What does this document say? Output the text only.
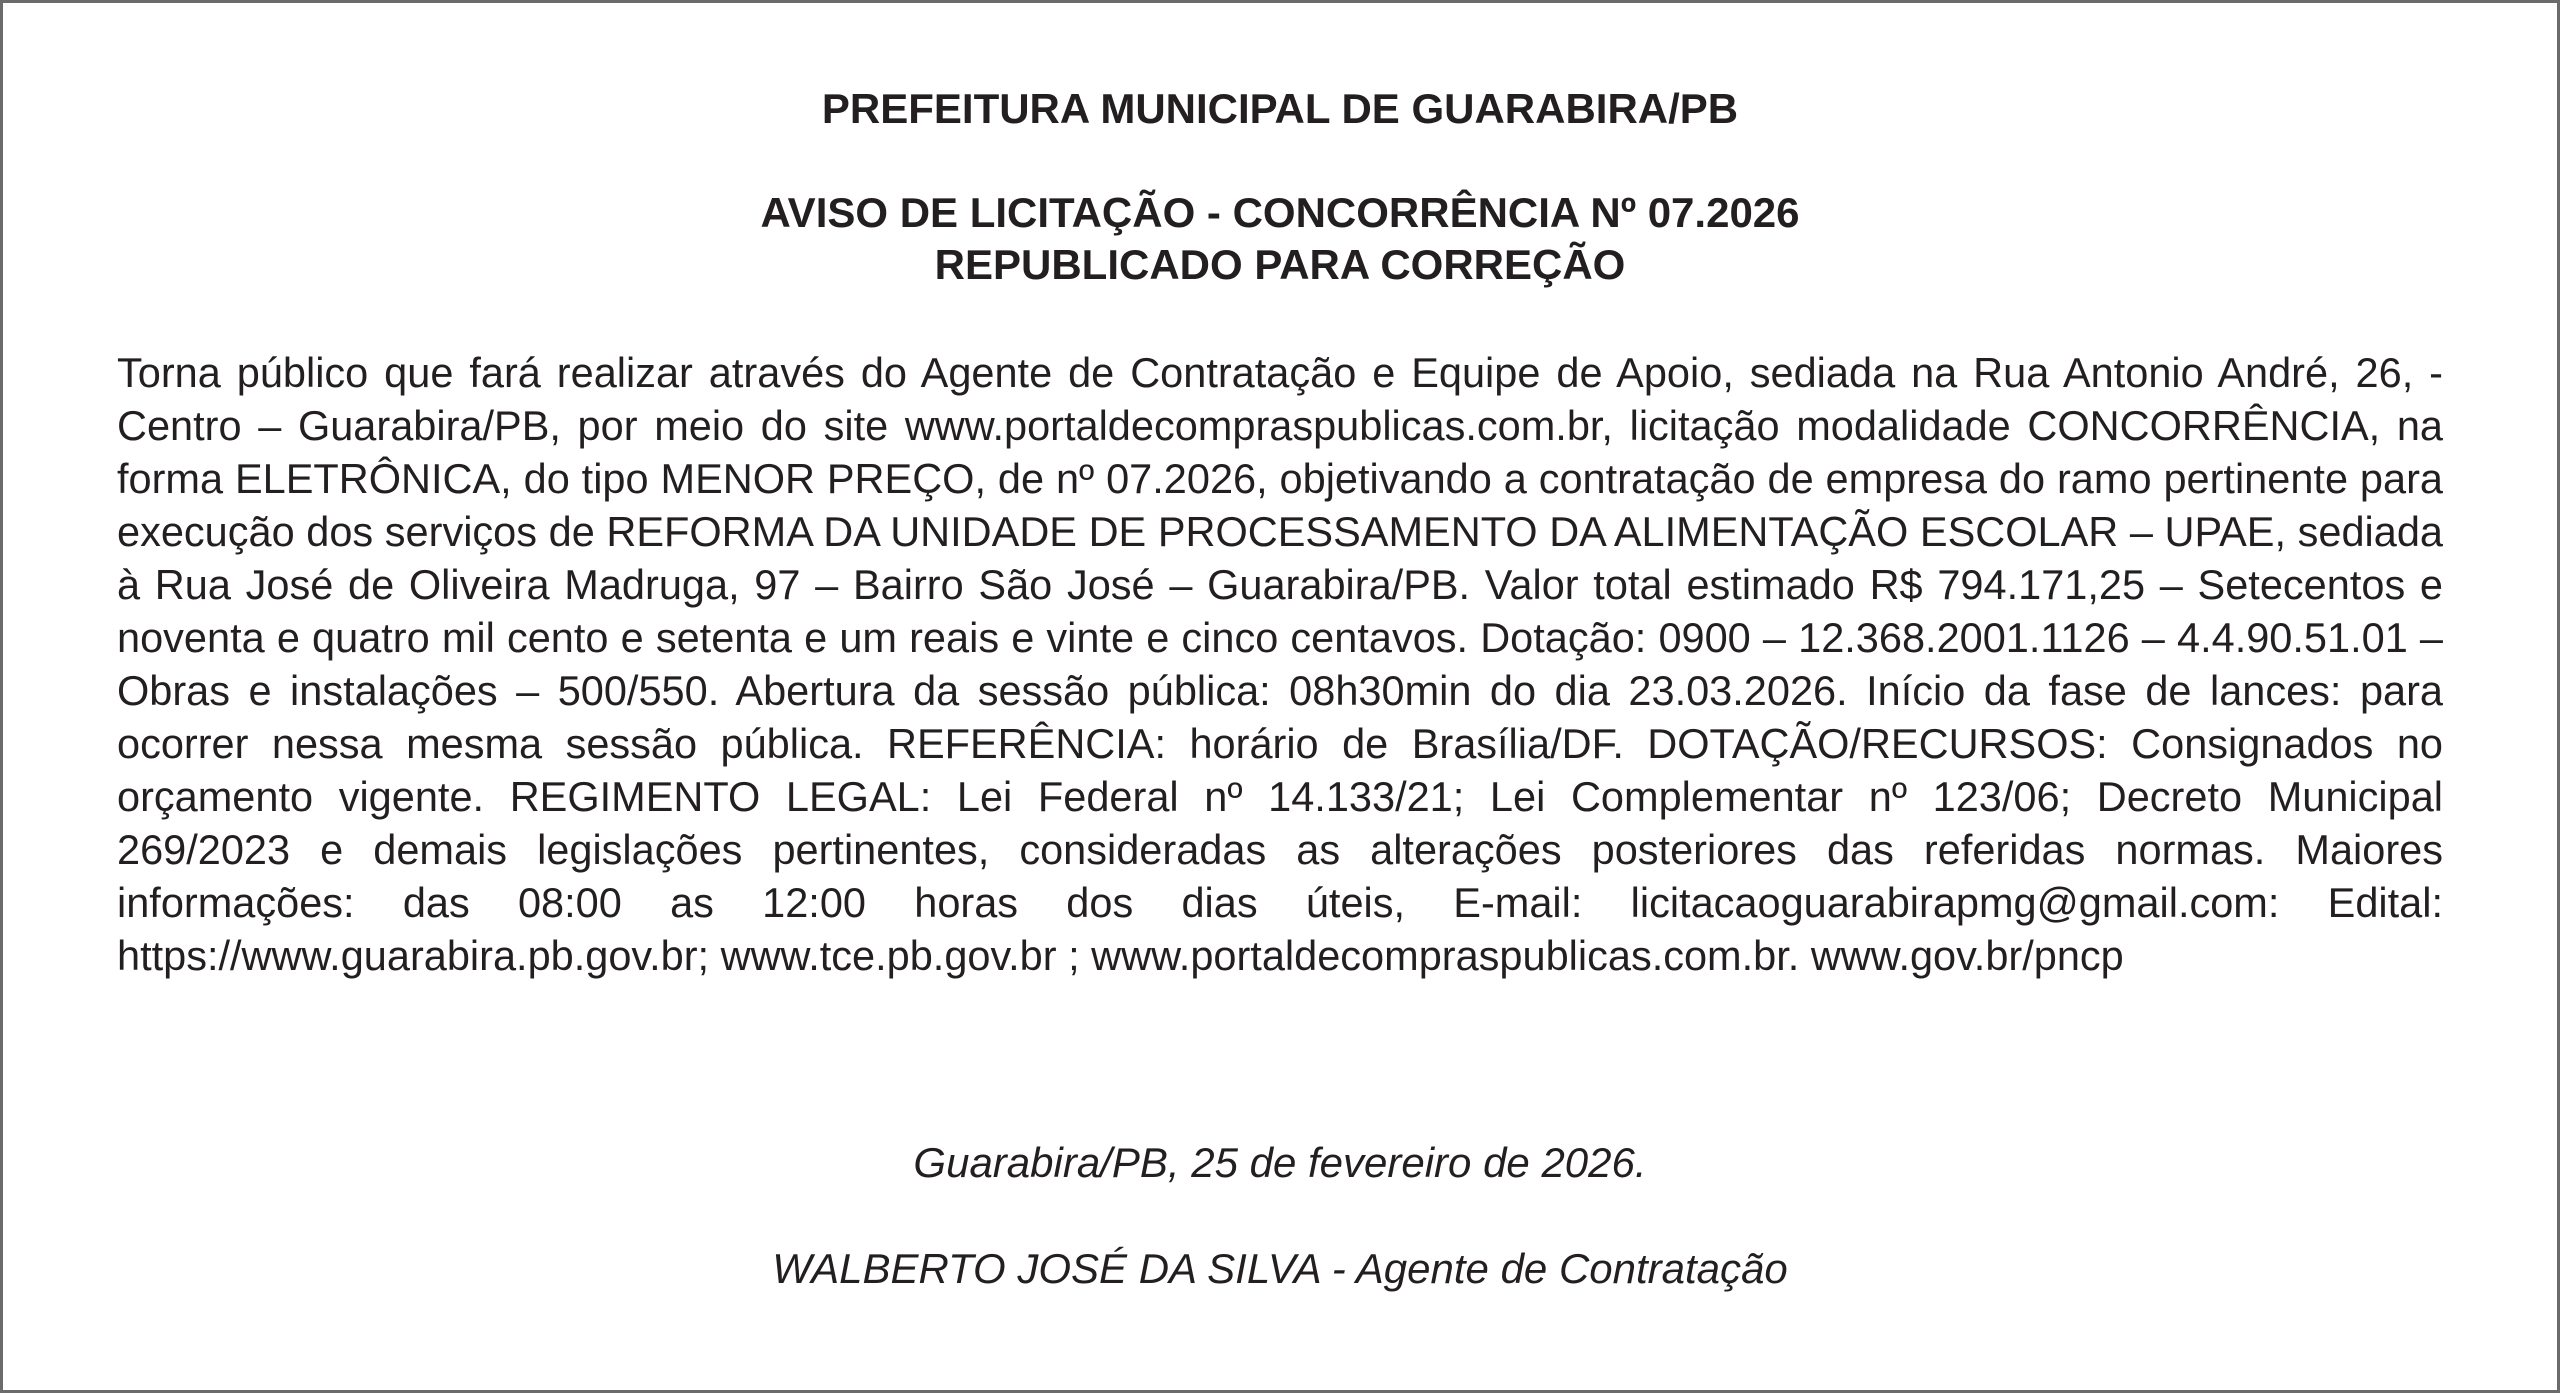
PREFEITURA MUNICIPAL DE GUARABIRA/PB
AVISO DE LICITAÇÃO - CONCORRÊNCIA Nº 07.2026
REPUBLICADO PARA CORREÇÃO
Torna público que fará realizar através do Agente de Contratação e Equipe de Apoio, sediada na Rua Antonio André, 26, - Centro – Guarabira/PB, por meio do site www.portaldecompraspublicas.com.br, licitação modalidade CONCORRÊNCIA, na forma ELETRÔNICA, do tipo MENOR PREÇO, de nº 07.2026, objetivando a contratação de empresa do ramo pertinente para execução dos serviços de REFORMA DA UNIDADE DE PROCESSAMENTO DA ALIMENTAÇÃO ESCOLAR – UPAE, sediada à Rua José de Oliveira Madruga, 97 – Bairro São José – Guarabira/PB. Valor total estimado R$ 794.171,25 – Setecentos e noventa e quatro mil cento e setenta e um reais e vinte e cinco centavos. Dotação: 0900 – 12.368.2001.1126 – 4.4.90.51.01 – Obras e instalações – 500/550. Abertura da sessão pública: 08h30min do dia 23.03.2026. Início da fase de lances: para ocorrer nessa mesma sessão pública. REFERÊNCIA: horário de Brasília/DF. DOTAÇÃO/RECURSOS: Consignados no orçamento vigente. REGIMENTO LEGAL: Lei Federal nº 14.133/21; Lei Complementar nº 123/06; Decreto Municipal 269/2023 e demais legislações pertinentes, consideradas as alterações posteriores das referidas normas. Maiores informações: das 08:00 as 12:00 horas dos dias úteis, E-mail: licitacaoguarabirapmg@gmail.com: Edital: https://www.guarabira.pb.gov.br; www.tce.pb.gov.br ; www.portaldecompraspublicas.com.br. www.gov.br/pncp
Guarabira/PB, 25 de fevereiro de 2026.
WALBERTO JOSÉ DA SILVA - Agente de Contratação
